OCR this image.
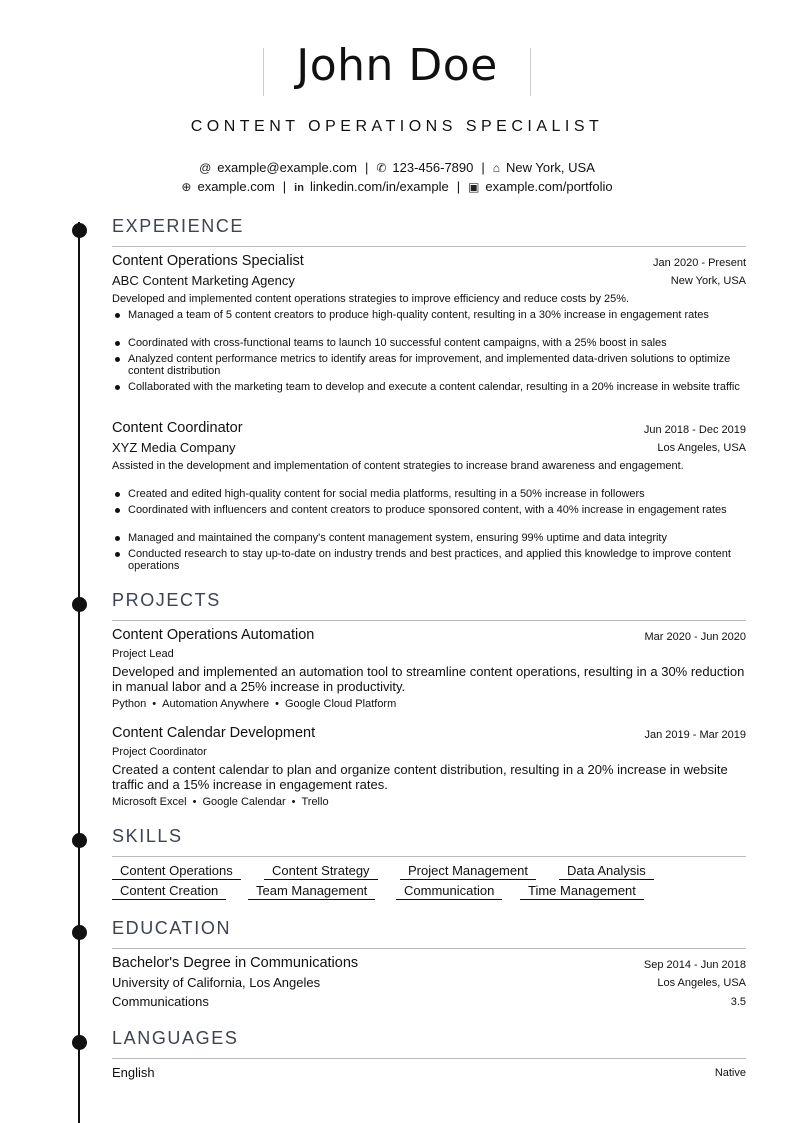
John Doe
CONTENT OPERATIONS SPECIALIST
@ example@example.com | ✆ 123-456-7890 | ⌂ New York, USA
⊕ example.com | in linkedin.com/in/example | ▣ example.com/portfolio
EXPERIENCE
Content Operations Specialist	Jan 2020 - Present
ABC Content Marketing Agency	New York, USA
Developed and implemented content operations strategies to improve efficiency and reduce costs by 25%.
Managed a team of 5 content creators to produce high-quality content, resulting in a 30% increase in engagement rates
Coordinated with cross-functional teams to launch 10 successful content campaigns, with a 25% boost in sales
Analyzed content performance metrics to identify areas for improvement, and implemented data-driven solutions to optimize content distribution
Collaborated with the marketing team to develop and execute a content calendar, resulting in a 20% increase in website traffic
Content Coordinator	Jun 2018 - Dec 2019
XYZ Media Company	Los Angeles, USA
Assisted in the development and implementation of content strategies to increase brand awareness and engagement.
Created and edited high-quality content for social media platforms, resulting in a 50% increase in followers
Coordinated with influencers and content creators to produce sponsored content, with a 40% increase in engagement rates
Managed and maintained the company's content management system, ensuring 99% uptime and data integrity
Conducted research to stay up-to-date on industry trends and best practices, and applied this knowledge to improve content operations
PROJECTS
Content Operations Automation	Mar 2020 - Jun 2020
Project Lead
Developed and implemented an automation tool to streamline content operations, resulting in a 30% reduction in manual labor and a 25% increase in productivity.
Python • Automation Anywhere • Google Cloud Platform
Content Calendar Development	Jan 2019 - Mar 2019
Project Coordinator
Created a content calendar to plan and organize content distribution, resulting in a 20% increase in website traffic and a 15% increase in engagement rates.
Microsoft Excel • Google Calendar • Trello
SKILLS
Content Operations	Content Strategy	Project Management	Data Analysis
Content Creation	Team Management	Communication	Time Management
EDUCATION
Bachelor's Degree in Communications	Sep 2014 - Jun 2018
University of California, Los Angeles	Los Angeles, USA
Communications	3.5
LANGUAGES
English	Native
